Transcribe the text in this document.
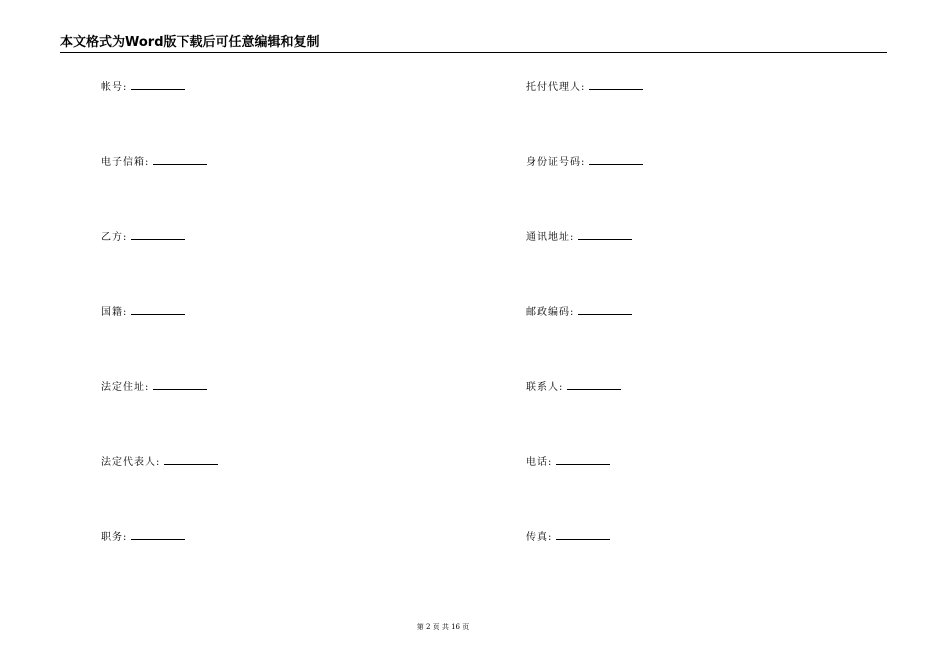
本文格式为Word版下载后可任意编辑和复制
帐号:
电子信箱:
乙方:
国籍:
法定住址:
法定代表人:
职务:
托付代理人:
身份证号码:
通讯地址:
邮政编码:
联系人:
电话:
传真:
第 2 页 共 16 页
